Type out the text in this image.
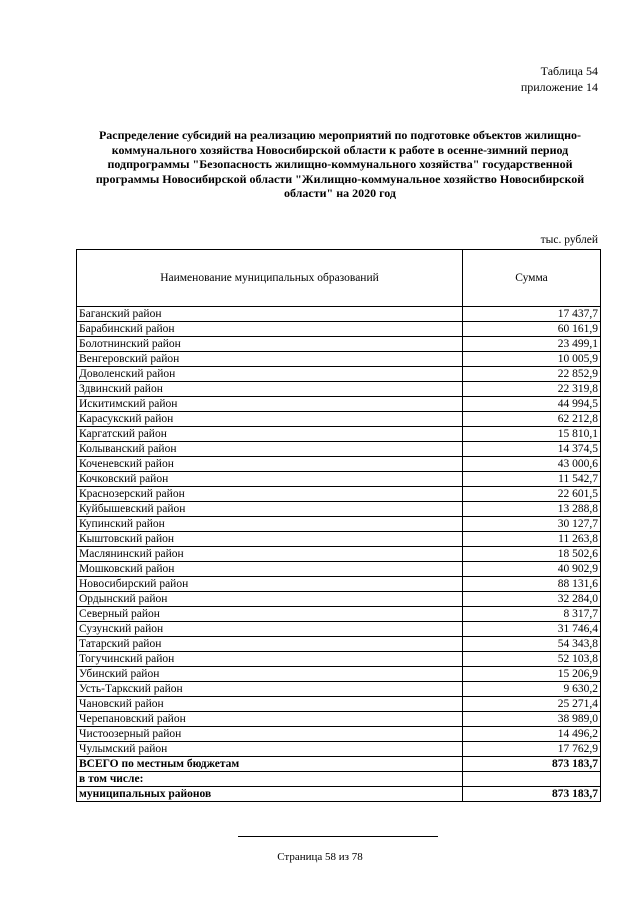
Таблица 54
приложение 14
Распределение субсидий на реализацию мероприятий по подготовке объектов жилищно-коммунального хозяйства Новосибирской области к работе в осенне-зимний период подпрограммы "Безопасность жилищно-коммунального хозяйства" государственной программы Новосибирской области "Жилищно-коммунальное хозяйство Новосибирской области" на 2020 год
тыс. рублей
Наименование муниципальных образований	Сумма
Баганский район	17 437,7
Барабинский район	60 161,9
Болотнинский район	23 499,1
Венгеровский район	10 005,9
Доволенский район	22 852,9
Здвинский район	22 319,8
Искитимский район	44 994,5
Карасукский район	62 212,8
Каргатский район	15 810,1
Колыванский район	14 374,5
Коченевский район	43 000,6
Кочковский район	11 542,7
Краснозерский район	22 601,5
Куйбышевский район	13 288,8
Купинский район	30 127,7
Кыштовский район	11 263,8
Маслянинский район	18 502,6
Мошковский район	40 902,9
Новосибирский район	88 131,6
Ордынский район	32 284,0
Северный район	8 317,7
Сузунский район	31 746,4
Татарский район	54 343,8
Тогучинский район	52 103,8
Убинский район	15 206,9
Усть-Таркский район	9 630,2
Чановский район	25 271,4
Черепановский район	38 989,0
Чистоозерный район	14 496,2
Чулымский район	17 762,9
ВСЕГО по местным бюджетам	873 183,7
в том числе:	
муниципальных районов	873 183,7
Страница 58 из 78
